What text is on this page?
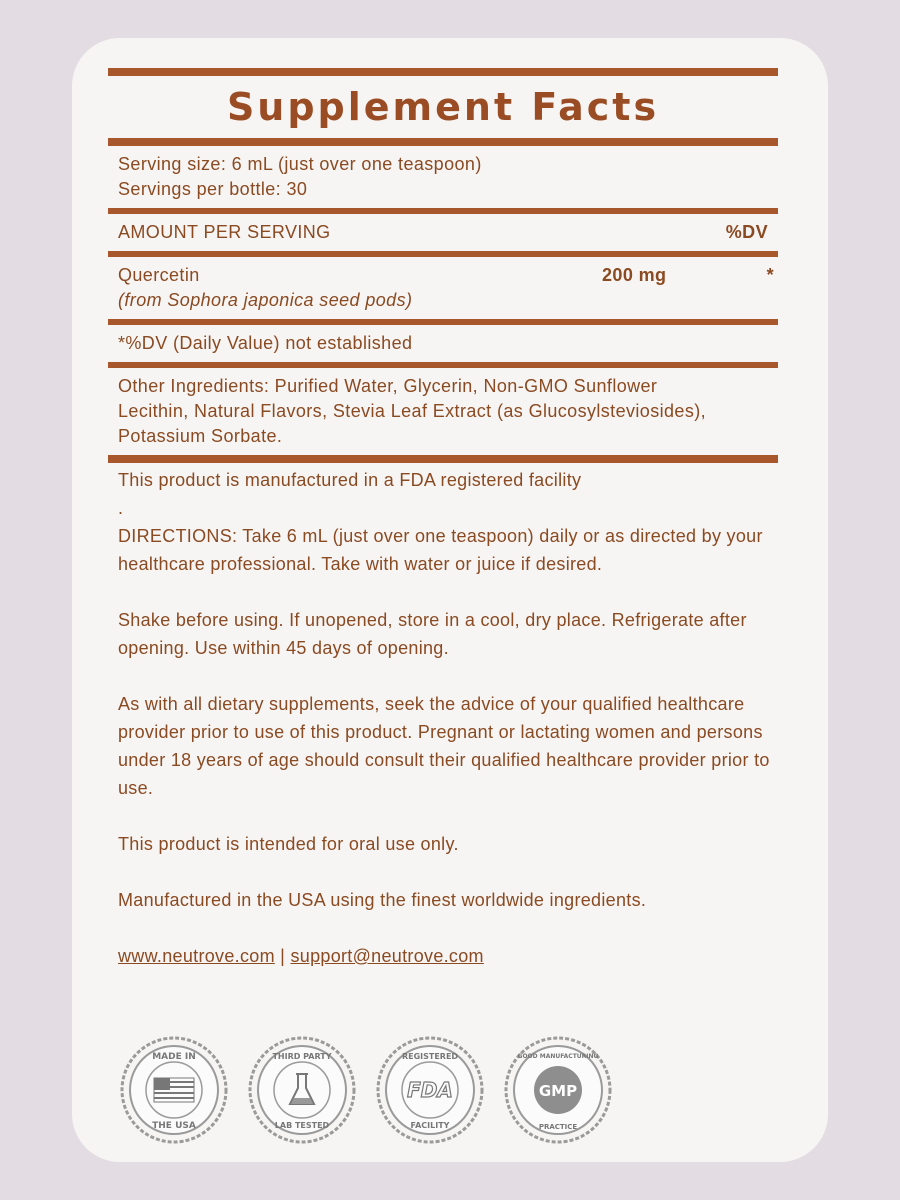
Supplement Facts
Serving size: 6 mL (just over one teaspoon)
Servings per bottle: 30
AMOUNT PER SERVING	%DV
Quercetin
(from Sophora japonica seed pods)
200 mg	*
*%DV (Daily Value) not established
Other Ingredients: Purified Water, Glycerin, Non-GMO Sunflower
Lecithin, Natural Flavors, Stevia Leaf Extract (as Glucosylsteviosides),
Potassium Sorbate.

This product is manufactured in a FDA registered facility

.

DIRECTIONS: Take 6 mL (just over one teaspoon) daily or as directed by your healthcare professional. Take with water or juice if desired.

Shake before using. If unopened, store in a cool, dry place. Refrigerate after opening. Use within 45 days of opening.

As with all dietary supplements, seek the advice of your qualified healthcare provider prior to use of this product. Pregnant or lactating women and persons under 18 years of age should consult their qualified healthcare provider prior to use.

This product is intended for oral use only.

Manufactured in the USA using the finest worldwide ingredients.

www.neutrove.com | support@neutrove.com

MADE IN
THE USA
THIRD PARTY
LAB TESTED
FDA
REGISTERED
FACILITY
GMP
GOOD MANUFACTURING
PRACTICE
